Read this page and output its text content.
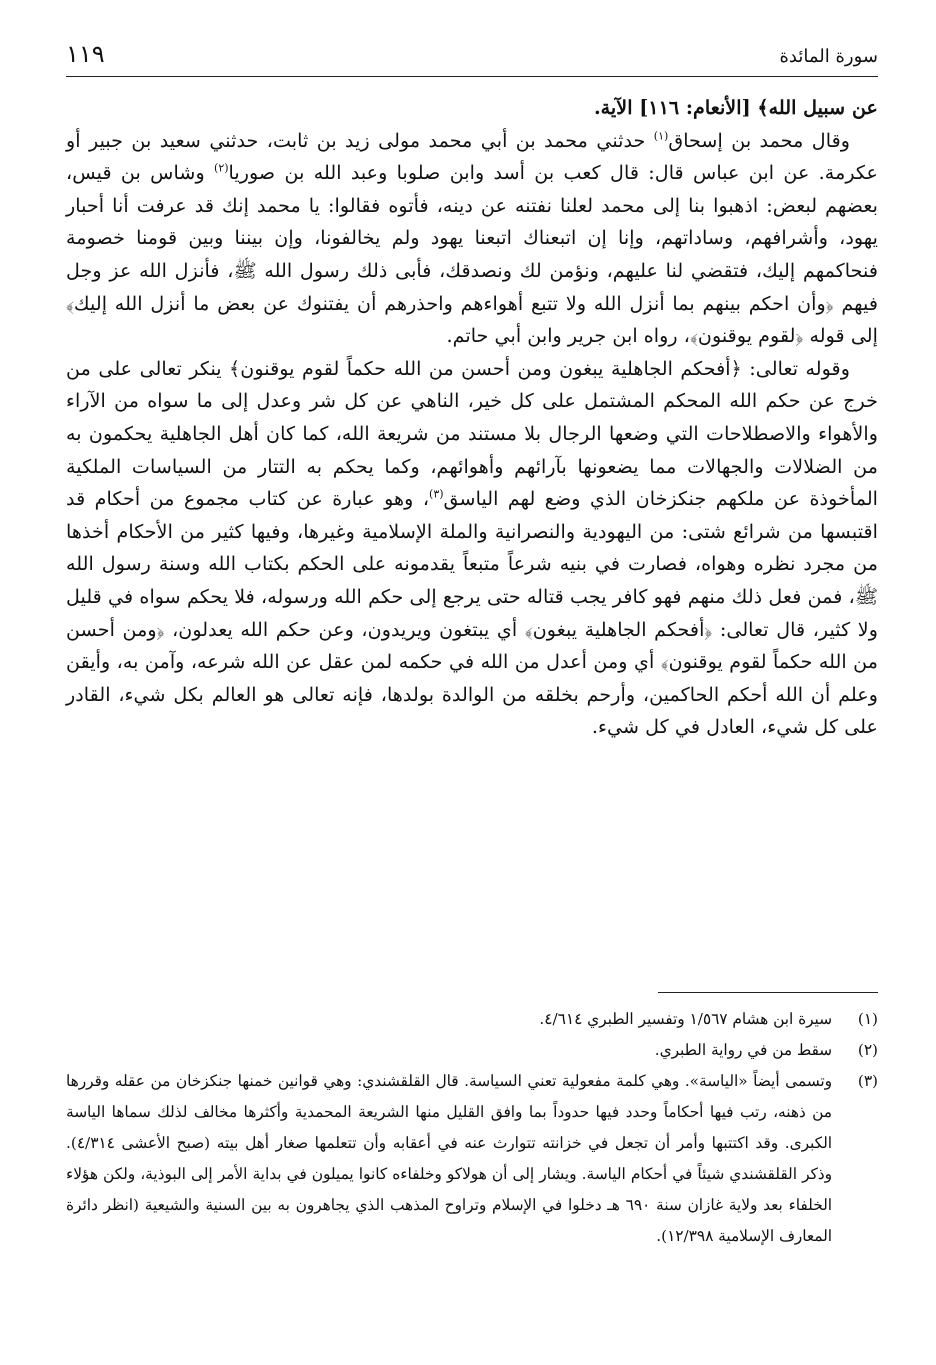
١١٩	سورة المائدة

عن سبيل الله﴾ [الأنعام: ١١٦] الآية.

وقال محمد بن إسحاق$^{(١)}$ حدثني محمد بن أبي محمد مولى زيد بن ثابت، حدثني سعيد بن جبير أو عكرمة. عن ابن عباس قال: قال كعب بن أسد وابن صلوبا وعبد الله بن صوريا$^{(٢)}$ وشاس بن قيس، بعضهم لبعض: اذهبوا بنا إلى محمد لعلنا نفتنه عن دينه، فأتوه فقالوا: يا محمد إنك قد عرفت أنا أحبار يهود، وأشرافهم، وساداتهم، وإنا إن اتبعناك اتبعنا يهود ولم يخالفونا، وإن بيننا وبين قومنا خصومة فنحاكمهم إليك، فتقضي لنا عليهم، ونؤمن لك ونصدقك، فأبى ذلك رسول الله ﷺ، فأنزل الله عز وجل فيهم ﴿وأن احكم بينهم بما أنزل الله ولا تتبع أهواءهم واحذرهم أن يفتنوك عن بعض ما أنزل الله إليك﴾ إلى قوله ﴿لقوم يوقنون﴾، رواه ابن جرير وابن أبي حاتم.

وقوله تعالى: ﴿أفحكم الجاهلية يبغون ومن أحسن من الله حكماً لقوم يوقنون﴾ ينكر تعالى على من خرج عن حكم الله المحكم المشتمل على كل خير، الناهي عن كل شر وعدل إلى ما سواه من الآراء والأهواء والاصطلاحات التي وضعها الرجال بلا مستند من شريعة الله، كما كان أهل الجاهلية يحكمون به من الضلالات والجهالات مما يضعونها بآرائهم وأهوائهم، وكما يحكم به التتار من السياسات الملكية المأخوذة عن ملكهم جنكزخان الذي وضع لهم الياسق$^{(٣)}$، وهو عبارة عن كتاب مجموع من أحكام قد اقتبسها من شرائع شتى: من اليهودية والنصرانية والملة الإسلامية وغيرها، وفيها كثير من الأحكام أخذها من مجرد نظره وهواه، فصارت في بنيه شرعاً متبعاً يقدمونه على الحكم بكتاب الله وسنة رسول الله ﷺ، فمن فعل ذلك منهم فهو كافر يجب قتاله حتى يرجع إلى حكم الله ورسوله، فلا يحكم سواه في قليل ولا كثير، قال تعالى: ﴿أفحكم الجاهلية يبغون﴾ أي يبتغون ويريدون، وعن حكم الله يعدلون، ﴿ومن أحسن من الله حكماً لقوم يوقنون﴾ أي ومن أعدل من الله في حكمه لمن عقل عن الله شرعه، وآمن به، وأيقن وعلم أن الله أحكم الحاكمين، وأرحم بخلقه من الوالدة بولدها، فإنه تعالى هو العالم بكل شيء، القادر على كل شيء، العادل في كل شيء.

(١)
سيرة ابن هشام ١/٥٦٧ وتفسير الطبري ٤/٦١٤.
(٢)
سقط من في رواية الطبري.
(٣)
وتسمى أيضاً «الياسة». وهي كلمة مفعولية تعني السياسة. قال القلقشندي: وهي قوانين خمنها جنكزخان من عقله وقررها من ذهنه، رتب فيها أحكاماً وحدد فيها حدوداً بما وافق القليل منها الشريعة المحمدية وأكثرها مخالف لذلك سماها الياسة الكبرى. وقد اكتتبها وأمر أن تجعل في خزانته تتوارث عنه في أعقابه وأن تتعلمها صغار أهل بيته (صبح الأعشى ٤/٣١٤). وذكر القلقشندي شيئاً في أحكام الياسة. ويشار إلى أن هولاكو وخلفاءه كانوا يميلون في بداية الأمر إلى البوذية، ولكن هؤلاء الخلفاء بعد ولاية غازان سنة ٦٩٠ هـ دخلوا في الإسلام وتراوح المذهب الذي يجاهرون به بين السنية والشيعية (انظر دائرة المعارف الإسلامية ١٢/٣٩٨).
